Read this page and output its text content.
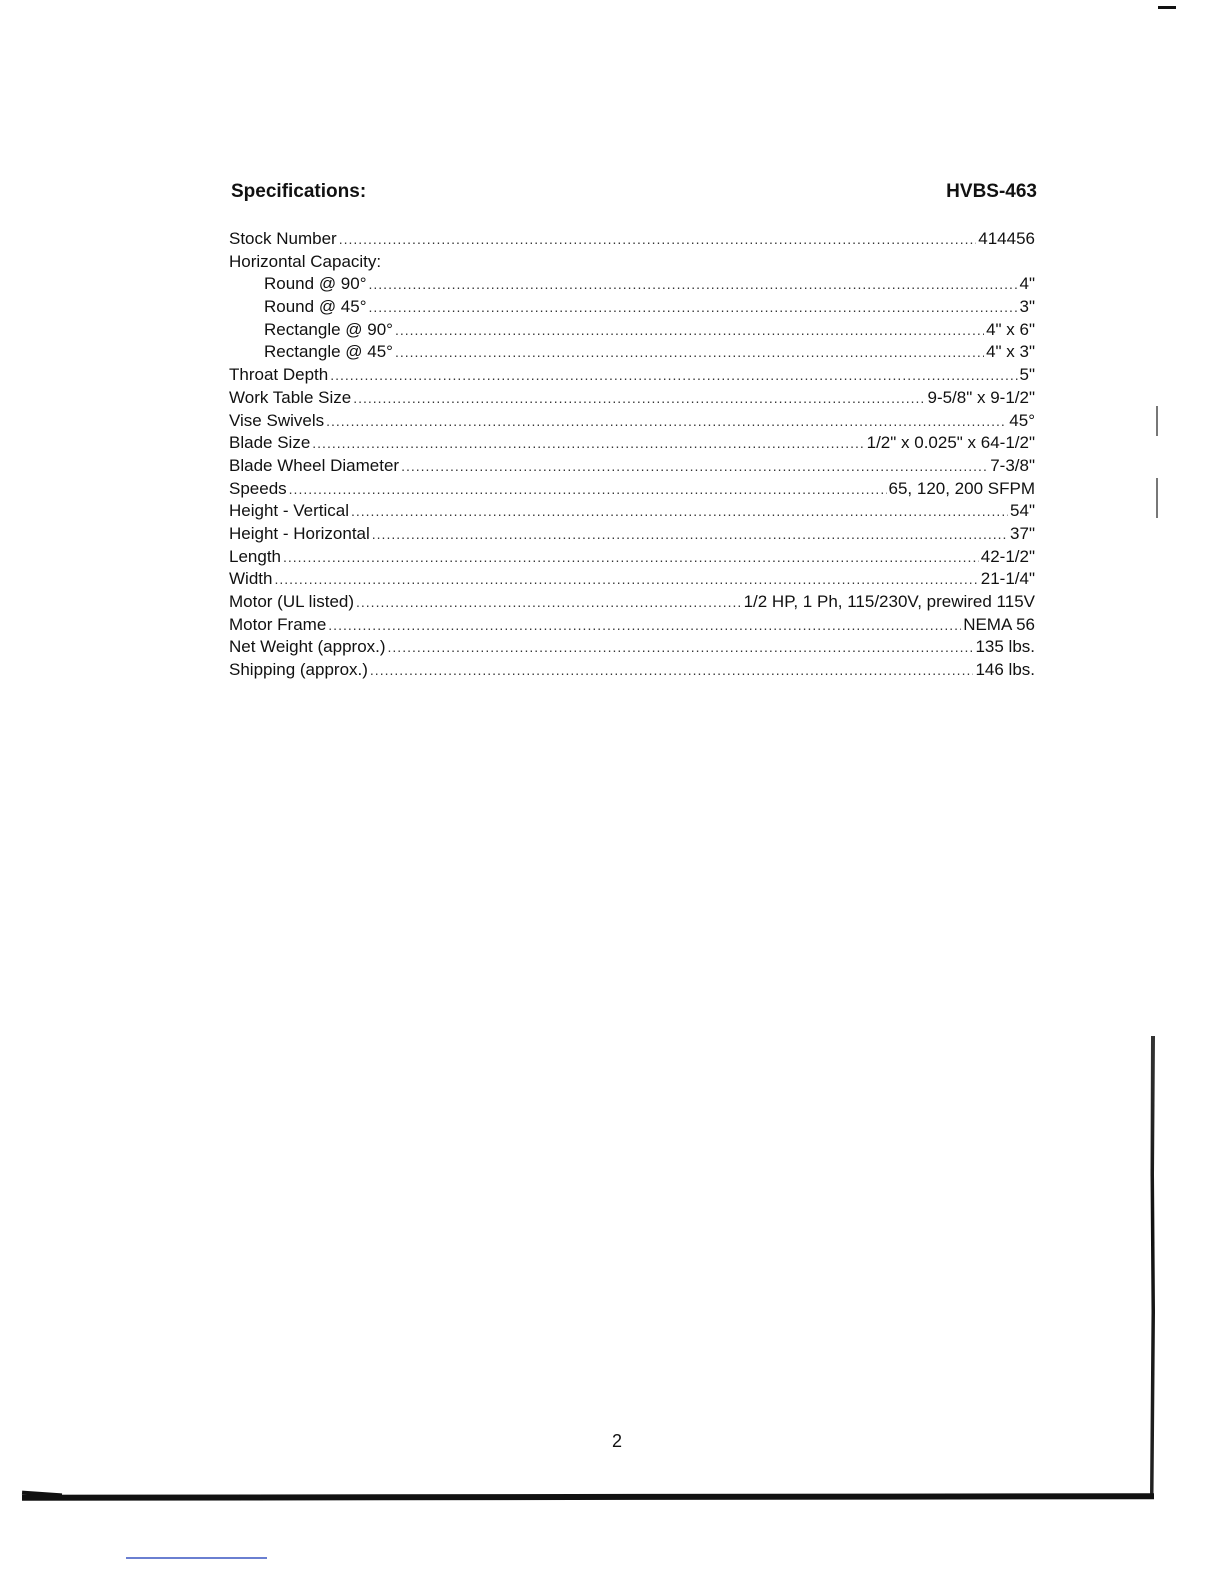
Specifications:	HVBS-463
Stock Number .....	414456
Horizontal Capacity:
Round @ 90° .....	4"
Round @ 45° .....	3"
Rectangle @ 90° .....	4" x 6"
Rectangle @ 45° .....	4" x 3"
Throat Depth .....	5"
Work Table Size .....	9-5/8" x 9-1/2"
Vise Swivels .....	45°
Blade Size .....	1/2" x 0.025" x 64-1/2"
Blade Wheel Diameter .....	7-3/8"
Speeds .....	65, 120, 200 SFPM
Height - Vertical .....	54"
Height - Horizontal .....	37"
Length .....	42-1/2"
Width .....	21-1/4"
Motor (UL listed) .....	1/2 HP, 1 Ph, 115/230V, prewired 115V
Motor Frame .....	NEMA 56
Net Weight (approx.) .....	135 lbs.
Shipping (approx.) .....	146 lbs.
2
